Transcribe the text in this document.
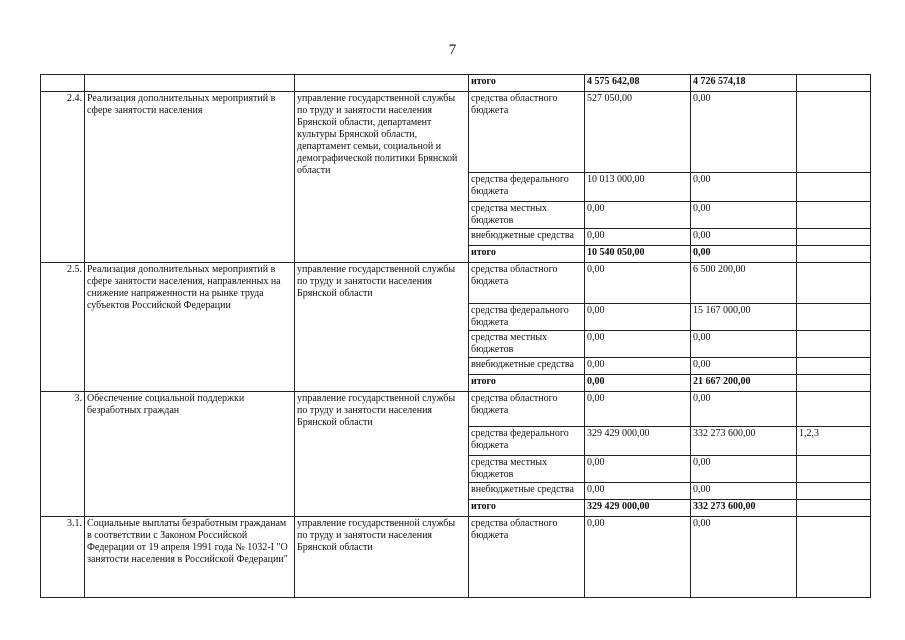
7
			итого	4 575 642,08	4 726 574,18	
2.4.	Реализация дополнительных мероприятий в сфере занятости населения	управление государственной службы по труду и занятости населения Брянской области, департамент культуры Брянской области, департамент семьи, социальной и демографической политики Брянской области	средства областного бюджета	527 050,00	0,00	
			средства федерального бюджета	10 013 000,00	0,00	
			средства местных бюджетов	0,00	0,00	
			внебюджетные средства	0,00	0,00	
			итого	10 540 050,00	0,00	
2.5.	Реализация дополнительных мероприятий в сфере занятости населения, направленных на снижение напряженности на рынке труда субъектов Российской Федерации	управление государственной службы по труду и занятости населения Брянской области	средства областного бюджета	0,00	6 500 200,00	
			средства федерального бюджета	0,00	15 167 000,00	
			средства местных бюджетов	0,00	0,00	
			внебюджетные средства	0,00	0,00	
			итого	0,00	21 667 200,00	
3.	Обеспечение социальной поддержки безработных граждан	управление государственной службы по труду и занятости населения Брянской области	средства областного бюджета	0,00	0,00	
			средства федерального бюджета	329 429 000,00	332 273 600,00	1,2,3
			средства местных бюджетов	0,00	0,00	
			внебюджетные средства	0,00	0,00	
			итого	329 429 000,00	332 273 600,00	
3.1.	Социальные выплаты безработным гражданам в соответствии с Законом Российской Федерации от 19 апреля 1991 года № 1032-I "О занятости населения в Российской Федерации"	управление государственной службы по труду и занятости населения Брянской области	средства областного бюджета	0,00	0,00	
